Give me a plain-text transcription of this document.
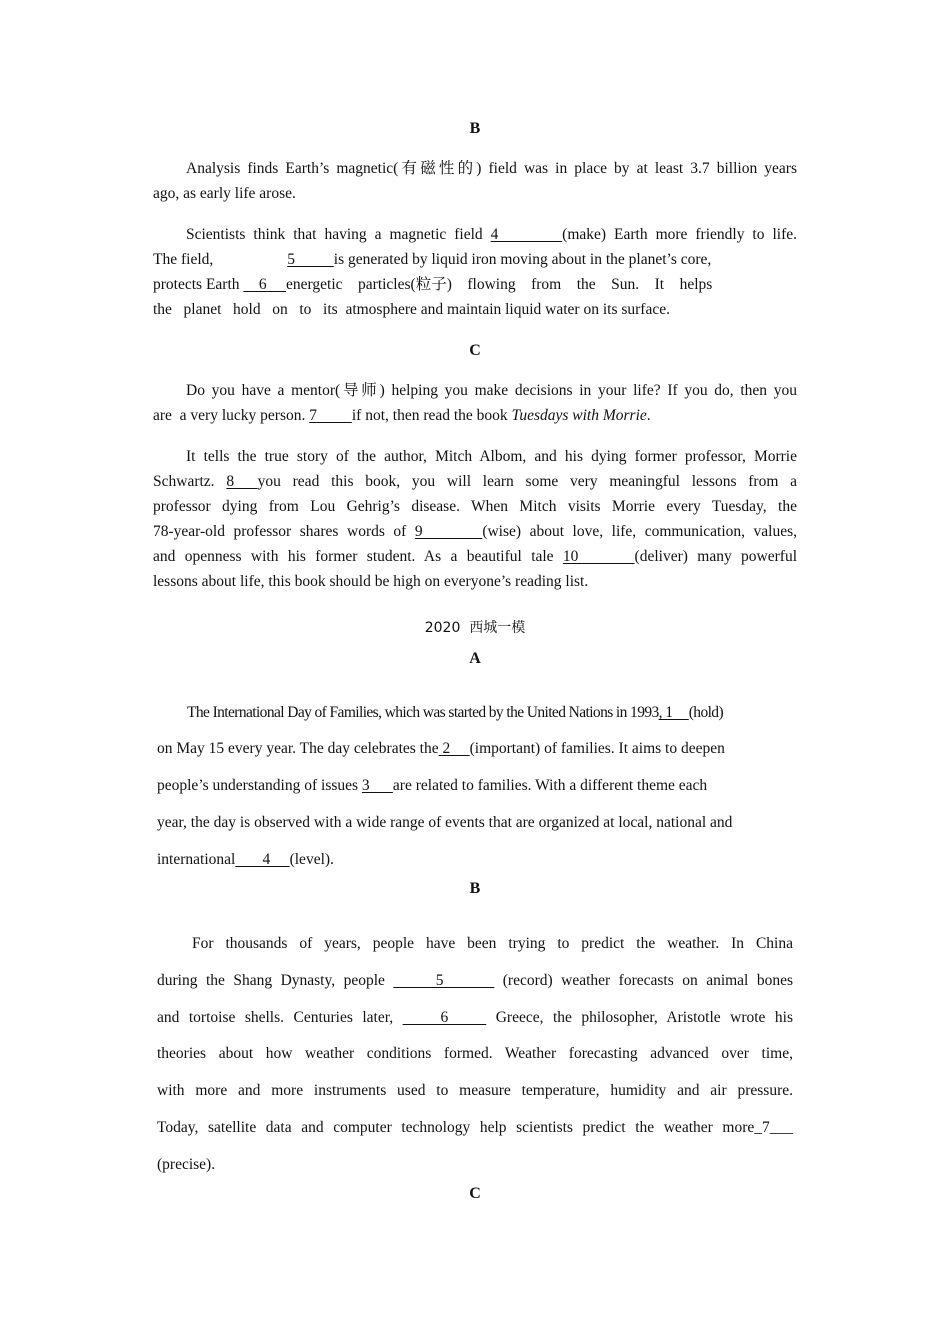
B
Analysis finds Earth’s magnetic(有磁性的) field was in place by at least 3.7 billion years
ago, as early life arose.
Scientists think that having a magnetic field 4        (make) Earth more friendly to life.
The field,	5          is generated by liquid iron moving about in the planet’s core,
protects Earth     6     energetic    particles(粒子)    flowing    from    the    Sun.    It    helps
the   planet   hold   on   to   its  atmosphere and maintain liquid water on its surface.
C
Do you have a mentor(导师) helping you make decisions in your life? If you do, then you
are  a very lucky person. 7         if not, then read the book Tuesdays with Morrie.
It tells the true story of the author, Mitch Albom, and his dying former professor, Morrie
Schwartz. 8  you read this book, you will learn some very meaningful lessons from a
professor dying from Lou Gehrig’s disease. When Mitch visits Morrie every Tuesday, the
78-year-old professor shares words of 9       (wise) about love, life, communication, values,
and openness with his former student. As a beautiful tale 10      (deliver) many powerful
lessons about life, this book should be high on everyone’s reading list.
2020  西城一模
A
The International Day of Families, which was started by the United Nations in 1993, 1     (hold)
on May 15 every year. The day celebrates the 2     (important) of families. It aims to deepen
people’s understanding of issues 3      are related to families. With a different theme each
year, the day is observed with a wide range of events that are organized at local, national and
international       4     (level).
B
For thousands of years, people have been trying to predict the weather. In China
during the Shang Dynasty, people      5       (record) weather forecasts on animal bones
and tortoise shells. Centuries later,     6     Greece, the philosopher, Aristotle wrote his
theories about how weather conditions formed. Weather forecasting advanced over time,
with more and more instruments used to measure temperature, humidity and air pressure.
Today, satellite data and computer technology help scientists predict the weather more_7___
(precise).
C
